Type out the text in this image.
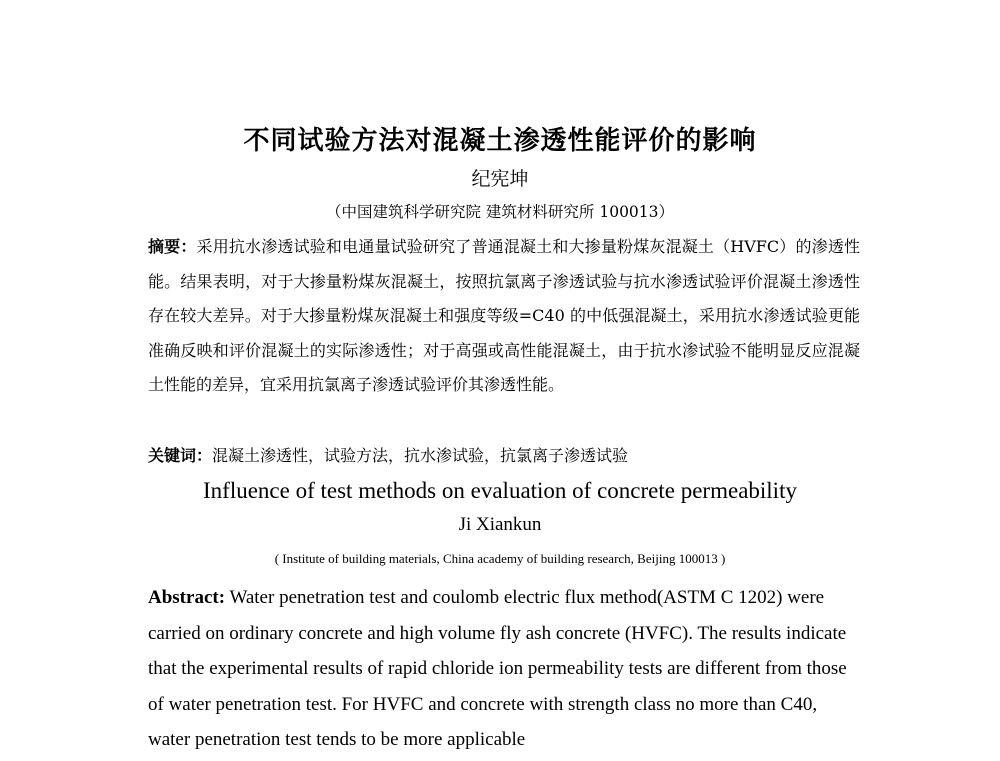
不同试验方法对混凝土渗透性能评价的影响
纪宪坤
（中国建筑科学研究院 建筑材料研究所 100013）
摘要：采用抗水渗透试验和电通量试验研究了普通混凝土和大掺量粉煤灰混凝土（HVFC）的渗透性能。结果表明，对于大掺量粉煤灰混凝土，按照抗氯离子渗透试验与抗水渗透试验评价混凝土渗透性存在较大差异。对于大掺量粉煤灰混凝土和强度等级=C40 的中低强混凝土，采用抗水渗透试验更能准确反映和评价混凝土的实际渗透性；对于高强或高性能混凝土，由于抗水渗试验不能明显反应混凝土性能的差异，宜采用抗氯离子渗透试验评价其渗透性能。
关键词：混凝土渗透性，试验方法，抗水渗试验，抗氯离子渗透试验
Influence of test methods on evaluation of concrete permeability
Ji Xiankun
( Institute of building materials, China academy of building research, Beijing 100013 )
Abstract: Water penetration test and coulomb electric flux method(ASTM C 1202) were carried on ordinary concrete and high volume fly ash concrete (HVFC). The results indicate that the experimental results of rapid chloride ion permeability tests are different from those of water penetration test. For HVFC and concrete with strength class no more than C40, water penetration test tends to be more applicable
